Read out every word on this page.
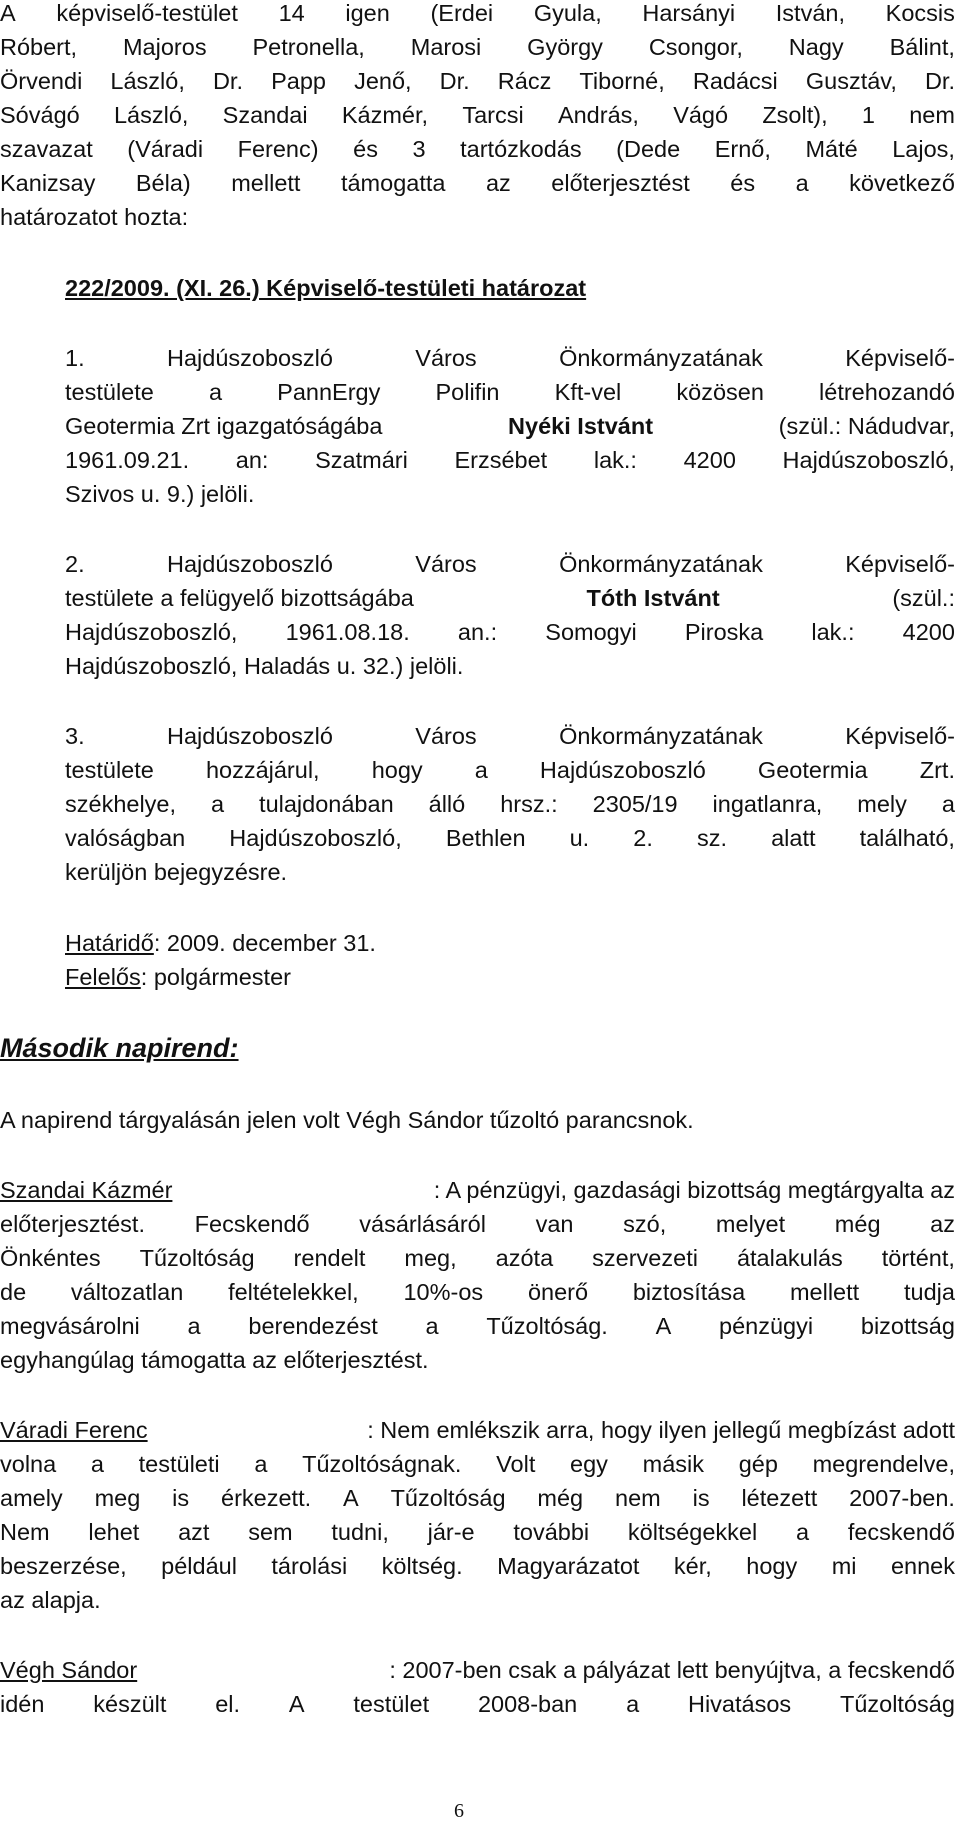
A képviselő-testület 14 igen (Erdei Gyula, Harsányi István, Kocsis
Róbert, Majoros Petronella, Marosi György Csongor, Nagy Bálint,
Örvendi László, Dr. Papp Jenő, Dr. Rácz Tiborné, Radácsi Gusztáv, Dr.
Sóvágó László, Szandai Kázmér, Tarcsi András, Vágó Zsolt), 1 nem
szavazat (Váradi Ferenc) és 3 tartózkodás (Dede Ernő, Máté Lajos,
Kanizsay Béla) mellett támogatta az előterjesztést és a következő
határozatot hozta:
222/2009. (XI. 26.) Képviselő-testületi határozat
1.	Hajdúszoboszló	Város	Önkormányzatának	Képviselő-
testülete a PannErgy Polifin Kft-vel közösen létrehozandó
Geotermia Zrt igazgatóságába	Nyéki Istvánt	(szül.: Nádudvar,
1961.09.21. an: Szatmári Erzsébet lak.: 4200 Hajdúszoboszló,
Szivos u. 9.) jelöli.
2.	Hajdúszoboszló	Város	Önkormányzatának	Képviselő-
testülete a felügyelő bizottságába	Tóth Istvánt	(szül.:
Hajdúszoboszló, 1961.08.18. an.: Somogyi Piroska lak.: 4200
Hajdúszoboszló, Haladás u. 32.) jelöli.
3.	Hajdúszoboszló	Város	Önkormányzatának	Képviselő-
testülete hozzájárul, hogy a Hajdúszoboszló Geotermia Zrt.
székhelye, a tulajdonában álló hrsz.: 2305/19 ingatlanra, mely a
valóságban Hajdúszoboszló, Bethlen u. 2. sz. alatt található,
kerüljön bejegyzésre.
Határidő: 2009. december 31.
Felelős: polgármester
Második napirend:
A napirend tárgyalásán jelen volt Végh Sándor tűzoltó parancsnok.
Szandai Kázmér	: A pénzügyi, gazdasági bizottság megtárgyalta az
előterjesztést. Fecskendő vásárlásáról van szó, melyet még az
Önkéntes Tűzoltóság rendelt meg, azóta szervezeti átalakulás történt,
de változatlan feltételekkel, 10%-os önerő biztosítása mellett tudja
megvásárolni a berendezést a Tűzoltóság. A pénzügyi bizottság
egyhangúlag támogatta az előterjesztést.
Váradi Ferenc	: Nem emlékszik arra, hogy ilyen jellegű megbízást adott
volna a testületi a Tűzoltóságnak. Volt egy másik gép megrendelve,
amely meg is érkezett. A Tűzoltóság még nem is létezett 2007-ben.
Nem lehet azt sem tudni, jár-e további költségekkel a fecskendő
beszerzése, például tárolási költség. Magyarázatot kér, hogy mi ennek
az alapja.
Végh Sándor	: 2007-ben csak a pályázat lett benyújtva, a fecskendő
idén készült el. A testület 2008-ban a Hivatásos Tűzoltóság
6
